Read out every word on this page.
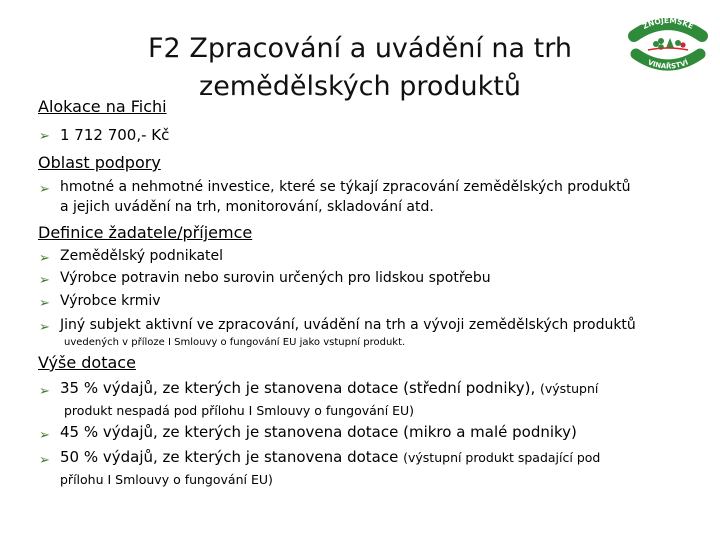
F2 Zpracování a uvádění na trh
zemědělských produktů
ZNOJEMSKÉ
VINAŘSTVÍ
Alokace na Fichi
➢ 1 712 700,- Kč
Oblast podpory
➢ hmotné a nehmotné investice, které se týkají zpracování zemědělských produktů
a jejich uvádění na trh, monitorování, skladování atd.
Definice žadatele/příjemce
➢ Zemědělský podnikatel
➢ Výrobce potravin nebo surovin určených pro lidskou spotřebu
➢ Výrobce krmiv
➢ Jiný subjekt aktivní ve zpracování, uvádění na trh a vývoji zemědělských produktů
uvedených v příloze I Smlouvy o fungování EU jako vstupní produkt.
Výše dotace
➢ 35 % výdajů, ze kterých je stanovena dotace (střední podniky), (výstupní
produkt nespadá pod přílohu I Smlouvy o fungování EU)
➢ 45 % výdajů, ze kterých je stanovena dotace (mikro a malé podniky)
➢ 50 % výdajů, ze kterých je stanovena dotace (výstupní produkt spadající pod
přílohu I Smlouvy o fungování EU)
